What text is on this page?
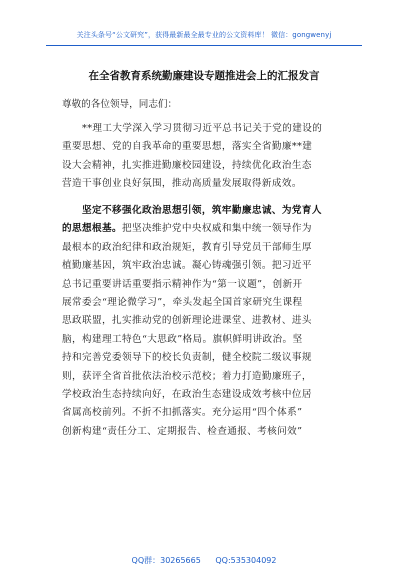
关注头条号“公文研究”，获得最新最全最专业的公文资料库！ 微信：gongwenyj
在全省教育系统勤廉建设专题推进会上的汇报发言
尊敬的各位领导，同志们：
**理工大学深入学习贯彻习近平总书记关于党的建设的
重要思想、党的自我革命的重要思想，落实全省勤廉**建
设大会精神，扎实推进勤廉校园建设，持续优化政治生态
营造干事创业良好氛围，推动高质量发展取得新成效。
坚定不移强化政治思想引领，筑牢勤廉忠诚、为党育人
的思想根基。把坚决维护党中央权威和集中统一领导作为
最根本的政治纪律和政治规矩，教育引导党员干部师生厚
植勤廉基因，筑牢政治忠诚。凝心铸魂强引领。把习近平
总书记重要讲话重要指示精神作为“第一议题”，创新开
展常委会“理论微学习”，牵头发起全国首家研究生课程
思政联盟，扎实推动党的创新理论进课堂、进教材、进头
脑，构建理工特色“大思政”格局。旗帜鲜明讲政治。坚
持和完善党委领导下的校长负责制，健全校院二级议事规
则，获评全省首批依法治校示范校；着力打造勤廉班子，
学校政治生态持续向好，在政治生态建设成效考核中位居
省属高校前列。不折不扣抓落实。充分运用“四个体系”
创新构建“责任分工、定期报告、检查通报、考核问效”
QQ群：30265665 QQ:535304092
